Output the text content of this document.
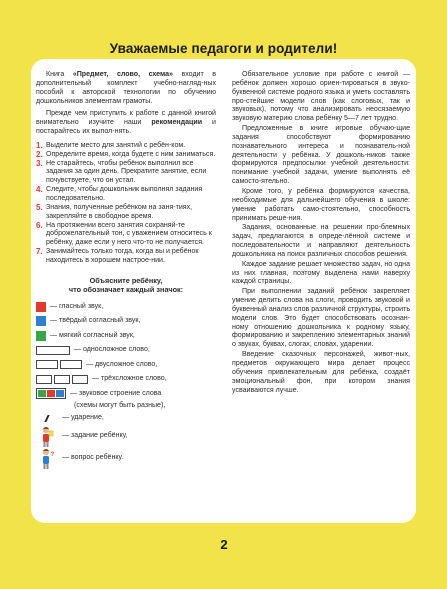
Уважаемые педагоги и родители!

Книга «Предмет, слово, схема» входит в дополнительный комплект учебно-нагляд-ных пособий к авторской технологии по обучению дошкольников элементам грамоты.

Прежде чем приступить к работе с данной книгой внимательно изучите наши рекомендации и постарайтесь их выпол-нять.

1. Выделите место для занятий с ребён-ком.
2. Определите время, когда будете с ним заниматься.
3. Не старайтесь, чтобы ребёнок выполнил все задания за один день. Прекратите занятие, если почувствуете, что он устал.
4. Следите, чтобы дошкольник выполнял задания последовательно.
5. Знания, полученные ребёнком на заня-тиях, закрепляйте в свободное время.
6. На протяжении всего занятия сохраняй-те доброжелательный тон, с уважением относитесь к ребёнку, даже если у него что-то не получается.
7. Занимайтесь только тогда, когда вы и ребёнок находитесь в хорошем настрое-нии.
Объясните ребёнку,
что обозначает каждый значок:
— гласный звук,
— твёрдый согласный звук,
— мягкий согласный звук,
— односложное слово,
— двусложное слово,
— трёхсложное слово,
— звуковое строение слова
(схемы могут быть разные),
— ударение,
— задание ребёнку,
? — вопрос ребёнку.

Обязательное условие при работе с книгой — ребёнок должен хорошо ориен-тироваться в звуко-буквенной системе родного языка и уметь составлять про-стейшие модели слов (как слоговых, так и звуковых), потому что анализировать неосязаемую звуковую материю слова ребёнку 5—7 лет трудно.

Предложенные в книге игровые обучаю-щие задания способствуют формированию познавательного интереса и познаватель-ной деятельности у ребёнка. У дошколь-ников также формируются предпосылки учебной деятельности: понимание учебной задачи, умение выполнять её самосто-ятельно.

Кроме того, у ребёнка формируются качества, необходимые для дальнейшего обучения в школе: умение работать само-стоятельно, способность принимать реше-ния.

Задания, основанные на решении про-блемных задач, предлагаются в опреде-лённой системе и последовательности и направляют деятельность дошкольника на поиск различных способов решения.

Каждое задание решает множество задач, но одна из них главная, поэтому выделена нами наверху каждой страницы.

При выполнении заданий ребёнок закрепляет умение делить слова на слоги, проводить звуковой и буквенный анализ слов различной структуры, строить модели слов. Это будет способствовать осознан-ному отношению дошкольника к родному языку, формированию и закреплению элементарных знаний о звуках, буквах, слогах, словах, ударении.

Введение сказочных персонажей, живот-ных, предметов окружающего мира делает процесс обучения привлекательным для ребёнка, создаёт эмоциональный фон, при котором знания усваиваются лучше.

2
